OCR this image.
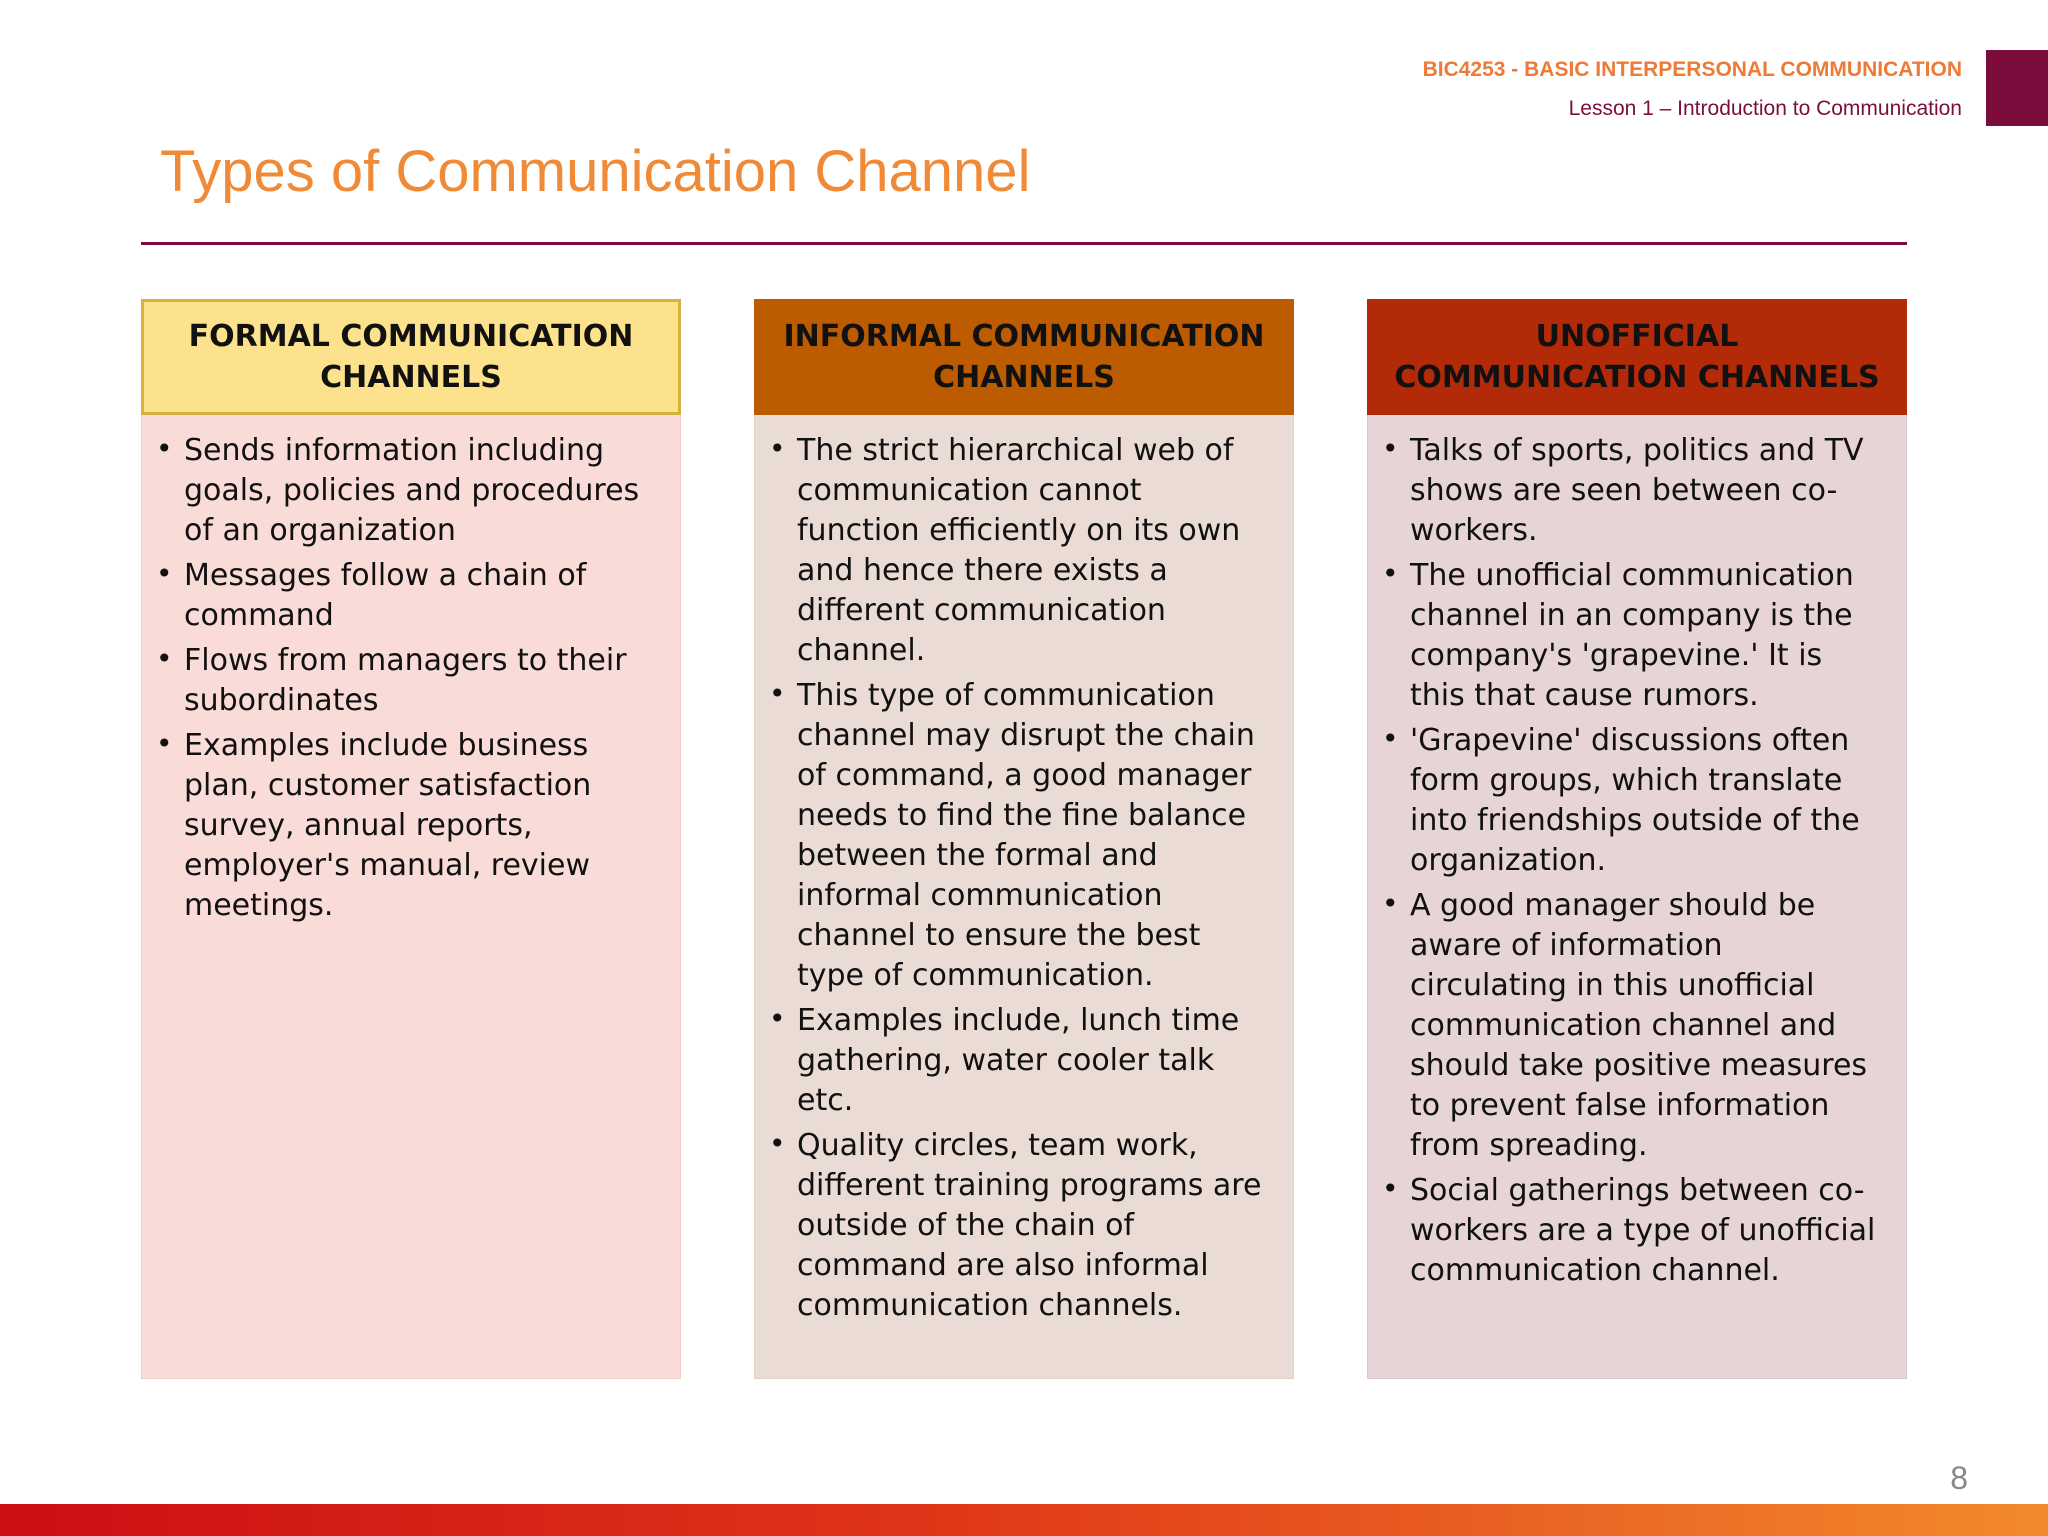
BIC4253 - BASIC INTERPERSONAL COMMUNICATION
Lesson 1 – Introduction to Communication
Types of Communication Channel
FORMAL COMMUNICATION CHANNELS
• Sends information including goals, policies and procedures of an organization
• Messages follow a chain of command
• Flows from managers to their subordinates
• Examples include business plan, customer satisfaction survey, annual reports, employer's manual, review meetings.
INFORMAL COMMUNICATION CHANNELS
• The strict hierarchical web of communication cannot function efficiently on its own and hence there exists a different communication channel.
• This type of communication channel may disrupt the chain of command, a good manager needs to find the fine balance between the formal and informal communication channel to ensure the best type of communication.
• Examples include, lunch time gathering, water cooler talk etc.
• Quality circles, team work, different training programs are outside of the chain of command are also informal communication channels.
UNOFFICIAL COMMUNICATION CHANNELS
• Talks of sports, politics and TV shows are seen between co-workers.
• The unofficial communication channel in an company is the company's 'grapevine.' It is this that cause rumors.
• 'Grapevine' discussions often form groups, which translate into friendships outside of the organization.
• A good manager should be aware of information circulating in this unofficial communication channel and should take positive measures to prevent false information from spreading.
• Social gatherings between co-workers are a type of unofficial communication channel.
8
